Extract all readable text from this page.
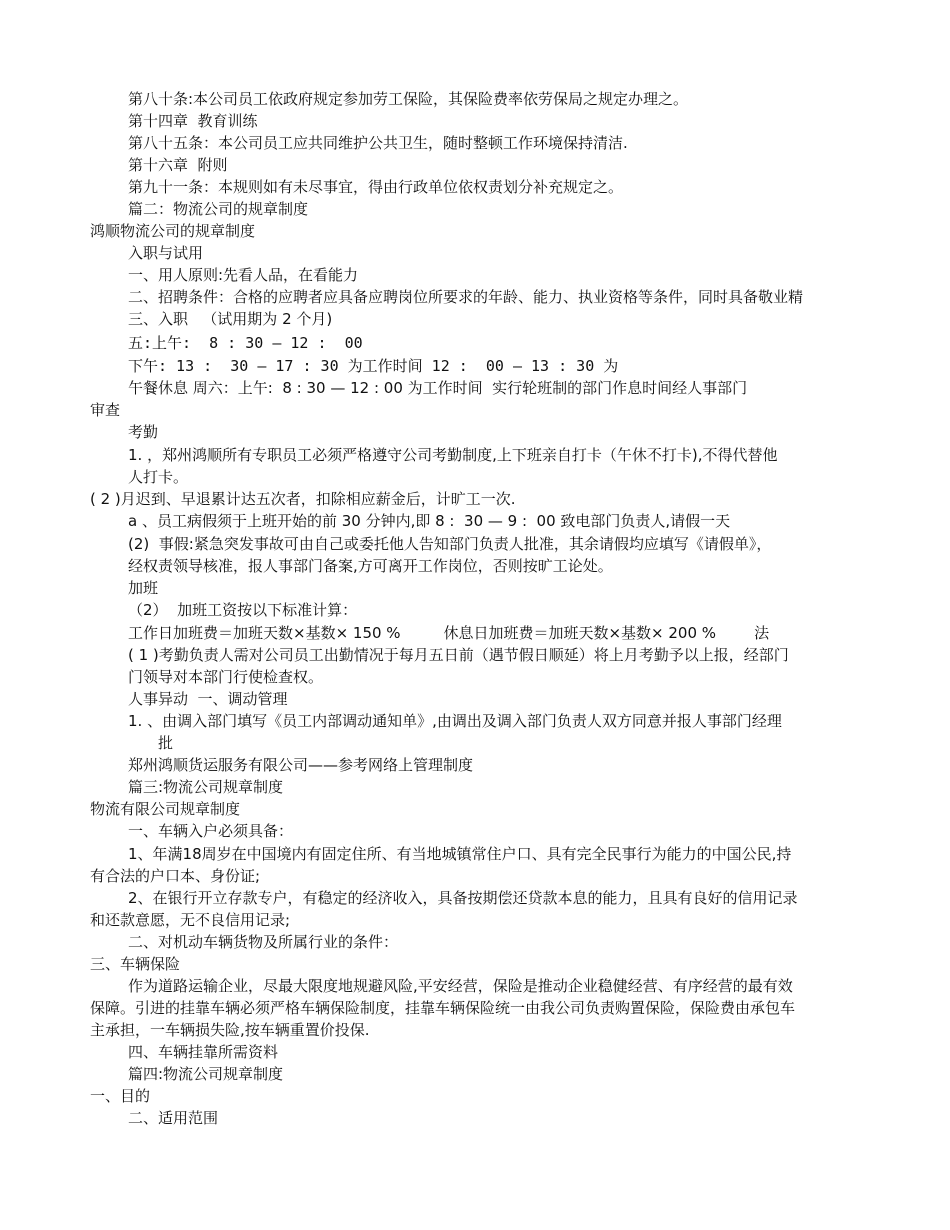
第八十条:本公司员工依政府规定参加劳工保险，其保险费率依劳保局之规定办理之。
第十四章  教育训练
第八十五条：本公司员工应共同维护公共卫生，随时整顿工作环境保持清洁.
第十六章  附则
第九十一条：本规则如有未尽事宜，得由行政单位依权责划分补充规定之。
篇二：物流公司的规章制度
鸿顺物流公司的规章制度
入职与试用
一、用人原则:先看人品，在看能力
二、招聘条件：合格的应聘者应具备应聘岗位所要求的年龄、能力、执业资格等条件，同时具备敬业精
三、入职   （试用期为 2 个月)
五:上午:  8 : 30 — 12 :  00
下午: 13 :  30 — 17 : 30 为工作时间 12 :  00 — 13 : 30 为
午餐休息 周六：上午:  8 : 30 — 12 : 00 为工作时间  实行轮班制的部门作息时间经人事部门
审查
考勤
1. ，郑州鸿顺所有专职员工必须严格遵守公司考勤制度,上下班亲自打卡（午休不打卡),不得代替他
人打卡。
( 2 )月迟到、早退累计达五次者，扣除相应薪金后，计旷工一次.
a 、员工病假须于上班开始的前 30 分钟内,即 8 :  30 — 9 :  00 致电部门负责人,请假一天
(2)  事假:紧急突发事故可由自己或委托他人告知部门负责人批准，其余请假均应填写《请假单》，
经权责领导核准，报人事部门备案,方可离开工作岗位，否则按旷工论处。
加班
（2）  加班工资按以下标准计算：
工作日加班费＝加班天数×基数× 150 %         休息日加班费＝加班天数×基数× 200 %        法
( 1 )考勤负责人需对公司员工出勤情况于每月五日前（遇节假日顺延）将上月考勤予以上报，经部门
门领导对本部门行使检查权。
人事异动  一、调动管理
1. 、由调入部门填写《员工内部调动通知单》,由调出及调入部门负责人双方同意并报人事部门经理
批
郑州鸿顺货运服务有限公司——参考网络上管理制度
篇三:物流公司规章制度
物流有限公司规章制度
一、车辆入户必须具备：
1、年满18周岁在中国境内有固定住所、有当地城镇常住户口、具有完全民事行为能力的中国公民,持
有合法的户口本、身份证;
2、在银行开立存款专户，有稳定的经济收入，具备按期偿还贷款本息的能力，且具有良好的信用记录
和还款意愿，无不良信用记录;
二、对机动车辆货物及所属行业的条件：
三、车辆保险
作为道路运输企业，尽最大限度地规避风险,平安经营，保险是推动企业稳健经营、有序经营的最有效
保障。引进的挂靠车辆必须严格车辆保险制度，挂靠车辆保险统一由我公司负责购置保险，保险费由承包车
主承担，一车辆损失险,按车辆重置价投保.
四、车辆挂靠所需资料
篇四:物流公司规章制度
一、目的
二、适用范围
